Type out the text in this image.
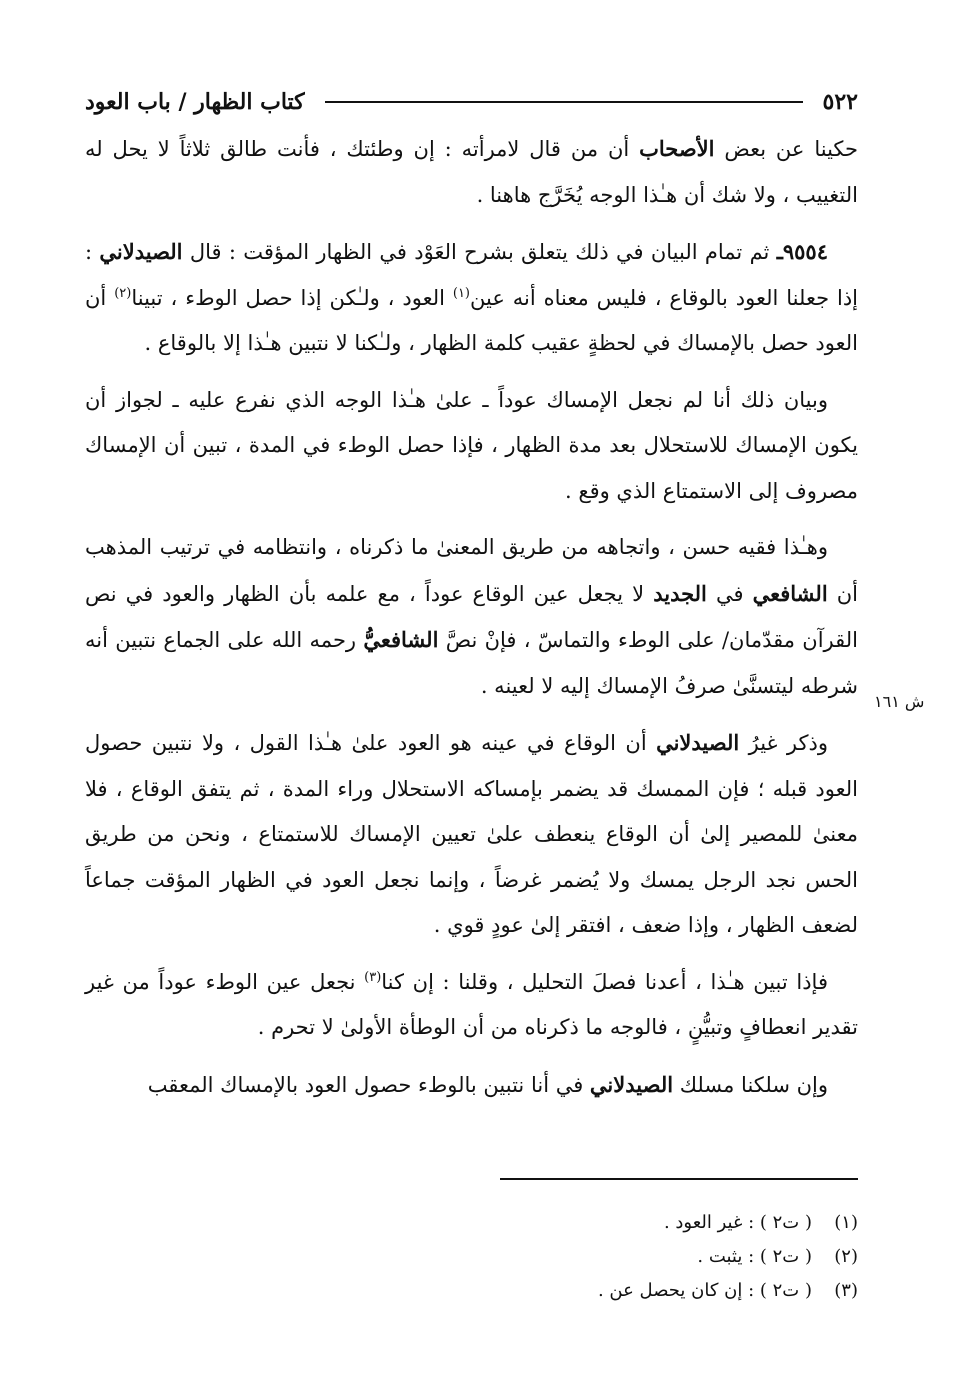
٥٢٢
كتاب الظهار / باب العود

حكينا عن بعض الأصحاب أن من قال لامرأته : إن وطئتك ، فأنت طالق ثلاثاً لا يحل له التغييب ، ولا شك أن هـٰذا الوجه يُخَرَّج هاهنا .

٩٥٥٤ـ ثم تمام البيان في ذلك يتعلق بشرح العَوْد في الظهار المؤقت : قال الصيدلاني : إذا جعلنا العود بالوقاع ، فليس معناه أنه عين$^{(١)}$ العود ، ولـٰكن إذا حصل الوطء ، تبينا$^{(٢)}$ أن العود حصل بالإمساك في لحظةٍ عقيب كلمة الظهار ، ولـٰكنا لا نتبين هـٰذا إلا بالوقاع .

وبيان ذلك أنا لم نجعل الإمساك عوداً ـ علىٰ هـٰذا الوجه الذي نفرع عليه ـ لجواز أن يكون الإمساك للاستحلال بعد مدة الظهار ، فإذا حصل الوطء في المدة ، تبين أن الإمساك مصروف إلى الاستمتاع الذي وقع .

وهـٰذا فقيه حسن ، واتجاهه من طريق المعنىٰ ما ذكرناه ، وانتظامه في ترتيب المذهب أن الشافعي في الجديد لا يجعل عين الوقاع عوداً ، مع علمه بأن الظهار والعود في نص القرآن مقدّمان/ على الوطء والتماسّ ، فإنْ نصَّ الشافعيُّ رحمه الله على الجماع نتبين أنه شرطه ليتسنَّىٰ صرفُ الإمساك إليه لا لعينه .

وذكر غيرُ الصيدلاني أن الوقاع في عينه هو العود علىٰ هـٰذا القول ، ولا نتبين حصول العود قبله ؛ فإن الممسك قد يضمر بإمساكه الاستحلال وراء المدة ، ثم يتفق الوقاع ، فلا معنىٰ للمصير إلىٰ أن الوقاع ينعطف علىٰ تعيين الإمساك للاستمتاع ، ونحن من طريق الحس نجد الرجل يمسك ولا يُضمر غرضاً ، وإنما نجعل العود في الظهار المؤقت جماعاً لضعف الظهار ، وإذا ضعف ، افتقر إلىٰ عودٍ قوي .

فإذا تبين هـٰذا ، أعدنا فصلَ التحليل ، وقلنا : إن كنا$^{(٣)}$ نجعل عين الوطء عوداً من غير تقدير انعطافٍ وتبيُّنٍ ، فالوجه ما ذكرناه من أن الوطأة الأولىٰ لا تحرم .

وإن سلكنا مسلك الصيدلاني في أنا نتبين بالوطء حصول العود بالإمساك المعقب

ش ١٦١
(١)
( ت٢ ) : غير العود .
(٢)
( ت٢ ) : يثبت .
(٣)
( ت٢ ) : إن كان يحصل عن .
